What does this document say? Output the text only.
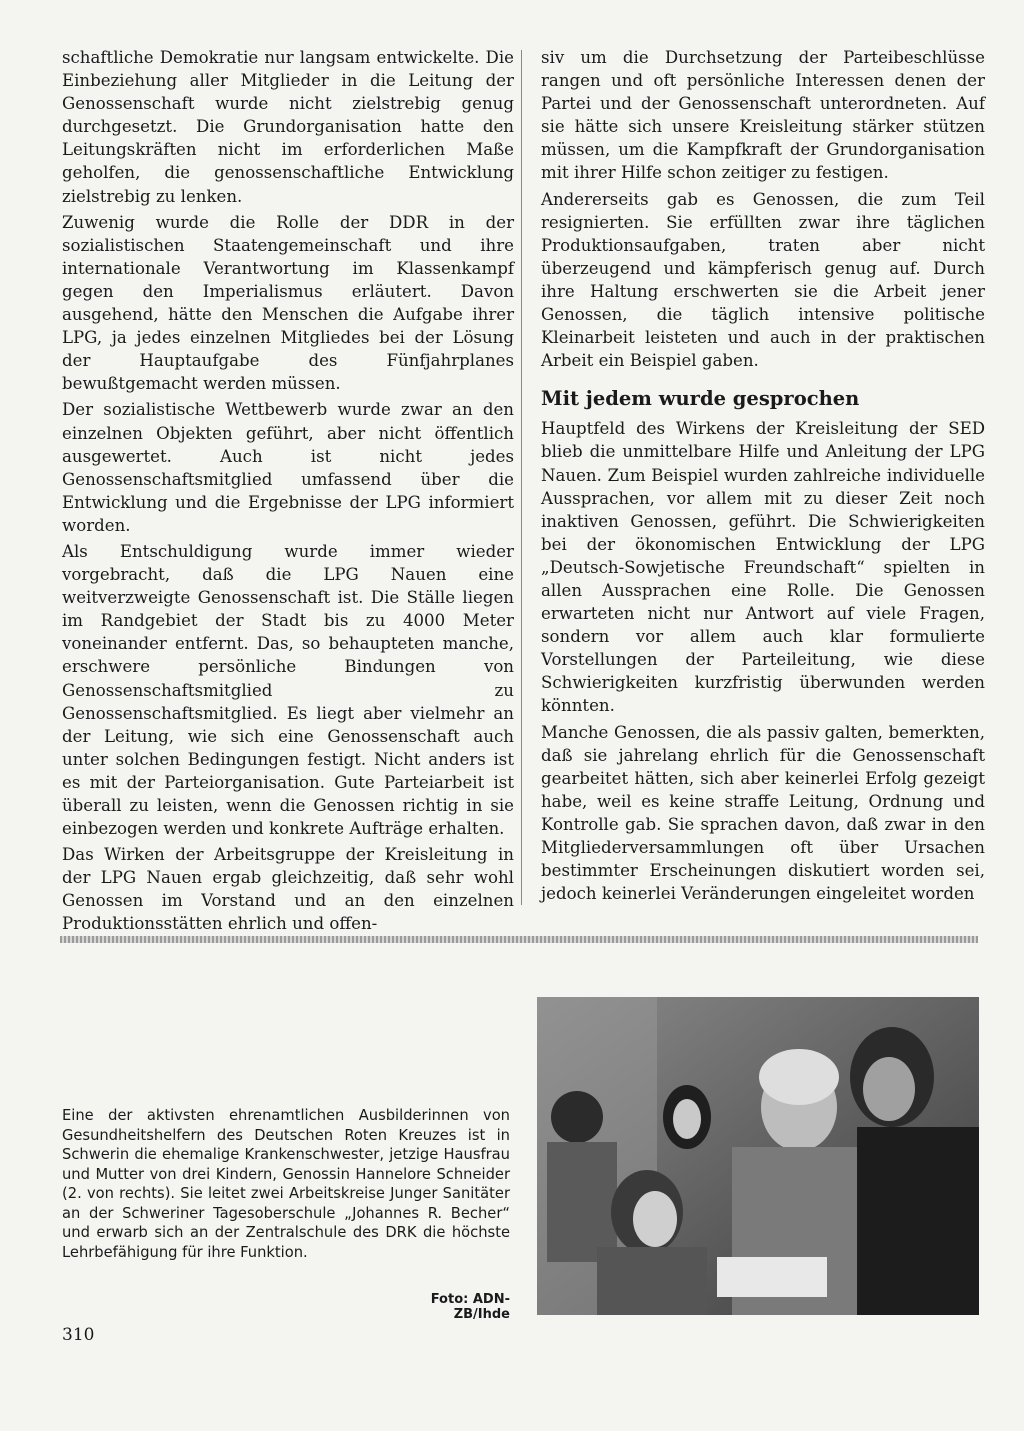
schaftliche Demokratie nur langsam entwickelte. Die Einbeziehung aller Mitglieder in die Leitung der Genossenschaft wurde nicht zielstrebig genug durchgesetzt. Die Grundorganisation hatte den Leitungskräften nicht im erforderlichen Maße geholfen, die genossenschaftliche Entwicklung zielstrebig zu lenken.

Zuwenig wurde die Rolle der DDR in der sozialistischen Staatengemeinschaft und ihre internationale Verantwortung im Klassenkampf gegen den Imperialismus erläutert. Davon ausgehend, hätte den Menschen die Aufgabe ihrer LPG, ja jedes einzelnen Mitgliedes bei der Lösung der Hauptaufgabe des Fünfjahrplanes bewußtgemacht werden müssen.

Der sozialistische Wettbewerb wurde zwar an den einzelnen Objekten geführt, aber nicht öffentlich ausgewertet. Auch ist nicht jedes Genossenschaftsmitglied umfassend über die Entwicklung und die Ergebnisse der LPG informiert worden.

Als Entschuldigung wurde immer wieder vorgebracht, daß die LPG Nauen eine weitverzweigte Genossenschaft ist. Die Ställe liegen im Randgebiet der Stadt bis zu 4000 Meter voneinander entfernt. Das, so behaupteten manche, erschwere persönliche Bindungen von Genossenschaftsmitglied zu Genossenschaftsmitglied. Es liegt aber vielmehr an der Leitung, wie sich eine Genossenschaft auch unter solchen Bedingungen festigt. Nicht anders ist es mit der Parteiorganisation. Gute Parteiarbeit ist überall zu leisten, wenn die Genossen richtig in sie einbezogen werden und konkrete Aufträge erhalten.

Das Wirken der Arbeitsgruppe der Kreisleitung in der LPG Nauen ergab gleichzeitig, daß sehr wohl Genossen im Vorstand und an den einzelnen Produktionsstätten ehrlich und offen-

siv um die Durchsetzung der Parteibeschlüsse rangen und oft persönliche Interessen denen der Partei und der Genossenschaft unterordneten. Auf sie hätte sich unsere Kreisleitung stärker stützen müssen, um die Kampfkraft der Grundorganisation mit ihrer Hilfe schon zeitiger zu festigen.

Andererseits gab es Genossen, die zum Teil resignierten. Sie erfüllten zwar ihre täglichen Produktionsaufgaben, traten aber nicht überzeugend und kämpferisch genug auf. Durch ihre Haltung erschwerten sie die Arbeit jener Genossen, die täglich intensive politische Kleinarbeit leisteten und auch in der praktischen Arbeit ein Beispiel gaben.

Mit jedem wurde gesprochen

Hauptfeld des Wirkens der Kreisleitung der SED blieb die unmittelbare Hilfe und Anleitung der LPG Nauen. Zum Beispiel wurden zahlreiche individuelle Aussprachen, vor allem mit zu dieser Zeit noch inaktiven Genossen, geführt. Die Schwierigkeiten bei der ökonomischen Entwicklung der LPG „Deutsch-Sowjetische Freundschaft“ spielten in allen Aussprachen eine Rolle. Die Genossen erwarteten nicht nur Antwort auf viele Fragen, sondern vor allem auch klar formulierte Vorstellungen der Parteileitung, wie diese Schwierigkeiten kurzfristig überwunden werden könnten.

Manche Genossen, die als passiv galten, bemerkten, daß sie jahrelang ehrlich für die Genossenschaft gearbeitet hätten, sich aber keinerlei Erfolg gezeigt habe, weil es keine straffe Leitung, Ordnung und Kontrolle gab. Sie sprachen davon, daß zwar in den Mitgliederversammlungen oft über Ursachen bestimmter Erscheinungen diskutiert worden sei, jedoch keinerlei Veränderungen eingeleitet worden

Eine der aktivsten ehrenamtlichen Ausbilderinnen von Gesundheitshelfern des Deutschen Roten Kreuzes ist in Schwerin die ehemalige Krankenschwester, jetzige Hausfrau und Mutter von drei Kindern, Genossin Hannelore Schneider (2. von rechts). Sie leitet zwei Arbeitskreise Junger Sanitäter an der Schweriner Tagesoberschule „Johannes R. Becher“ und erwarb sich an der Zentralschule des DRK die höchste Lehrbefähigung für ihre Funktion.

Foto: ADN-ZB/Ihde
310
